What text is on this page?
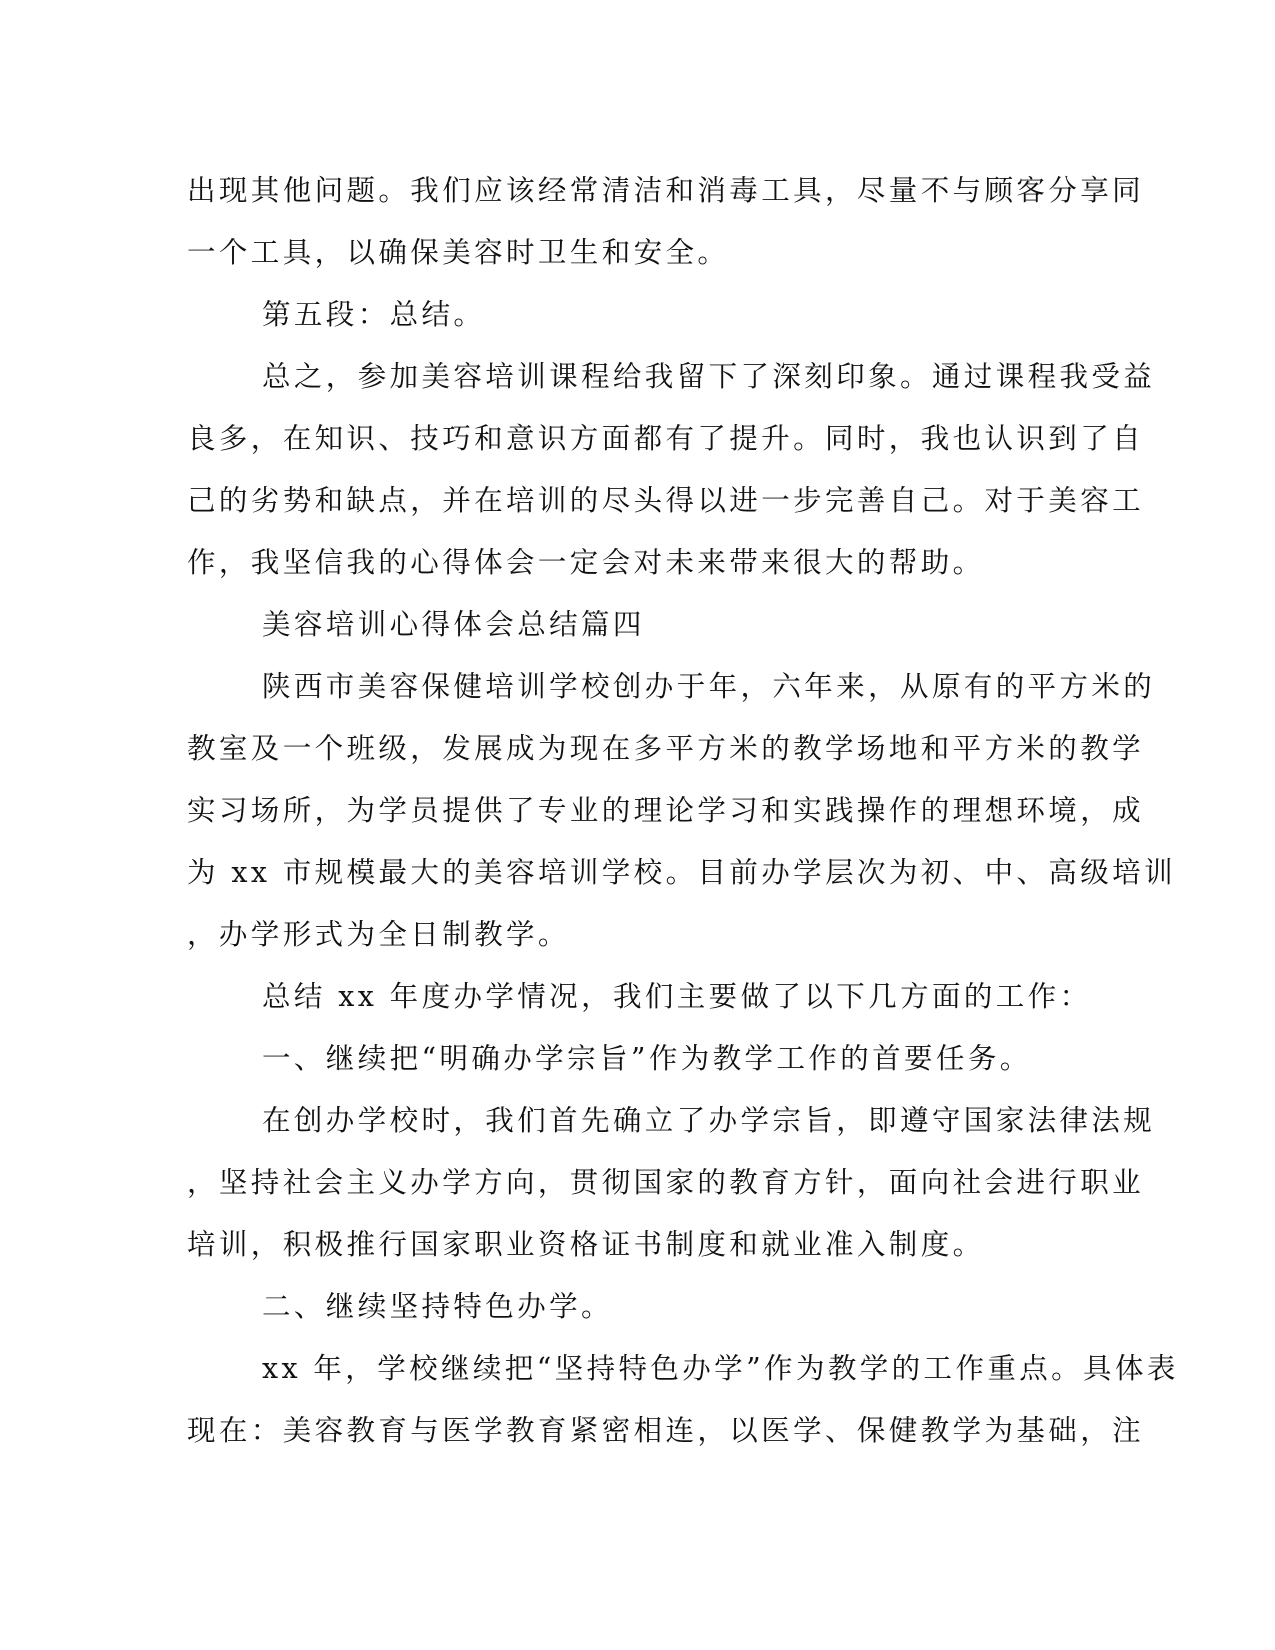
出现其他问题。我们应该经常清洁和消毒工具，尽量不与顾客分享同
一个工具，以确保美容时卫生和安全。
第五段：总结。
总之，参加美容培训课程给我留下了深刻印象。通过课程我受益
良多，在知识、技巧和意识方面都有了提升。同时，我也认识到了自
己的劣势和缺点，并在培训的尽头得以进一步完善自己。对于美容工
作，我坚信我的心得体会一定会对未来带来很大的帮助。
美容培训心得体会总结篇四
陕西市美容保健培训学校创办于年，六年来，从原有的平方米的
教室及一个班级，发展成为现在多平方米的教学场地和平方米的教学
实习场所，为学员提供了专业的理论学习和实践操作的理想环境，成
为 xx 市规模最大的美容培训学校。目前办学层次为初、中、高级培训
，办学形式为全日制教学。
总结 xx 年度办学情况，我们主要做了以下几方面的工作：
一、继续把“明确办学宗旨”作为教学工作的首要任务。
在创办学校时，我们首先确立了办学宗旨，即遵守国家法律法规
，坚持社会主义办学方向，贯彻国家的教育方针，面向社会进行职业
培训，积极推行国家职业资格证书制度和就业准入制度。
二、继续坚持特色办学。
xx 年，学校继续把“坚持特色办学”作为教学的工作重点。具体表
现在：美容教育与医学教育紧密相连，以医学、保健教学为基础，注
